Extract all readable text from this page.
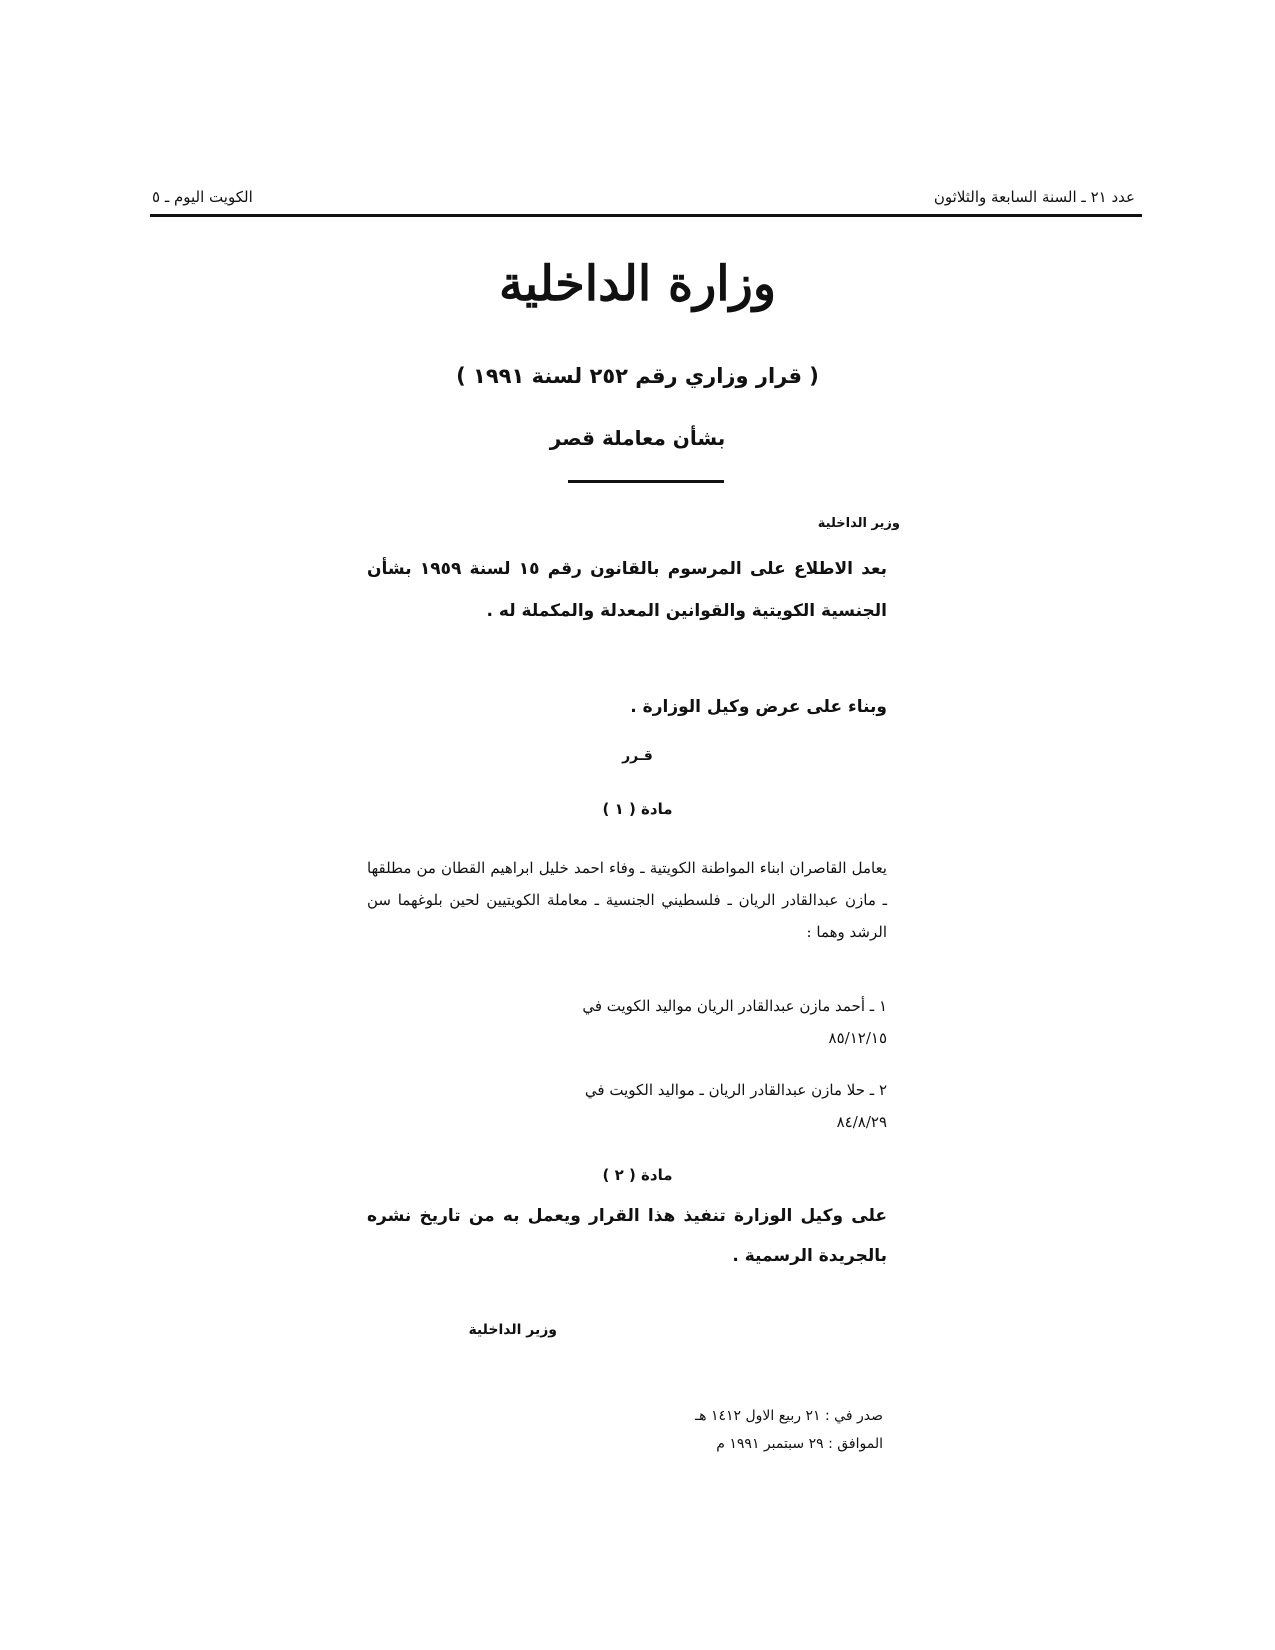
عدد ٢١ ـ السنة السابعة والثلاثون
الكويت اليوم ـ ٥
وزارة الداخلية
( قرار وزاري رقم ٢٥٢ لسنة ١٩٩١ )
بشأن معاملة قصر
وزير الداخلية
بعد الاطلاع على المرسوم بالقانون رقم ١٥ لسنة ١٩٥٩ بشأن الجنسية الكويتية والقوانين المعدلة والمكملة له .
وبناء على عرض وكيل الوزارة .
قـرر
مادة ( ١ )
يعامل القاصران ابناء المواطنة الكويتية ـ وفاء احمد خليل ابراهيم القطان من مطلقها ـ مازن عبدالقادر الريان ـ فلسطيني الجنسية ـ معاملة الكويتيين لحين بلوغهما سن الرشد وهما :
١ ـ أحمد مازن عبدالقادر الريان مواليد الكويت في
٨٥/١٢/١٥
٢ ـ حلا مازن عبدالقادر الريان ـ مواليد الكويت في
٨٤/٨/٢٩
مادة ( ٢ )
على وكيل الوزارة تنفيذ هذا القرار ويعمل به من تاريخ نشره بالجريدة الرسمية .
وزير الداخلية
صدر في : ٢١ ربيع الاول ١٤١٢ هـ
الموافق : ٢٩ سبتمبر ١٩٩١ م
